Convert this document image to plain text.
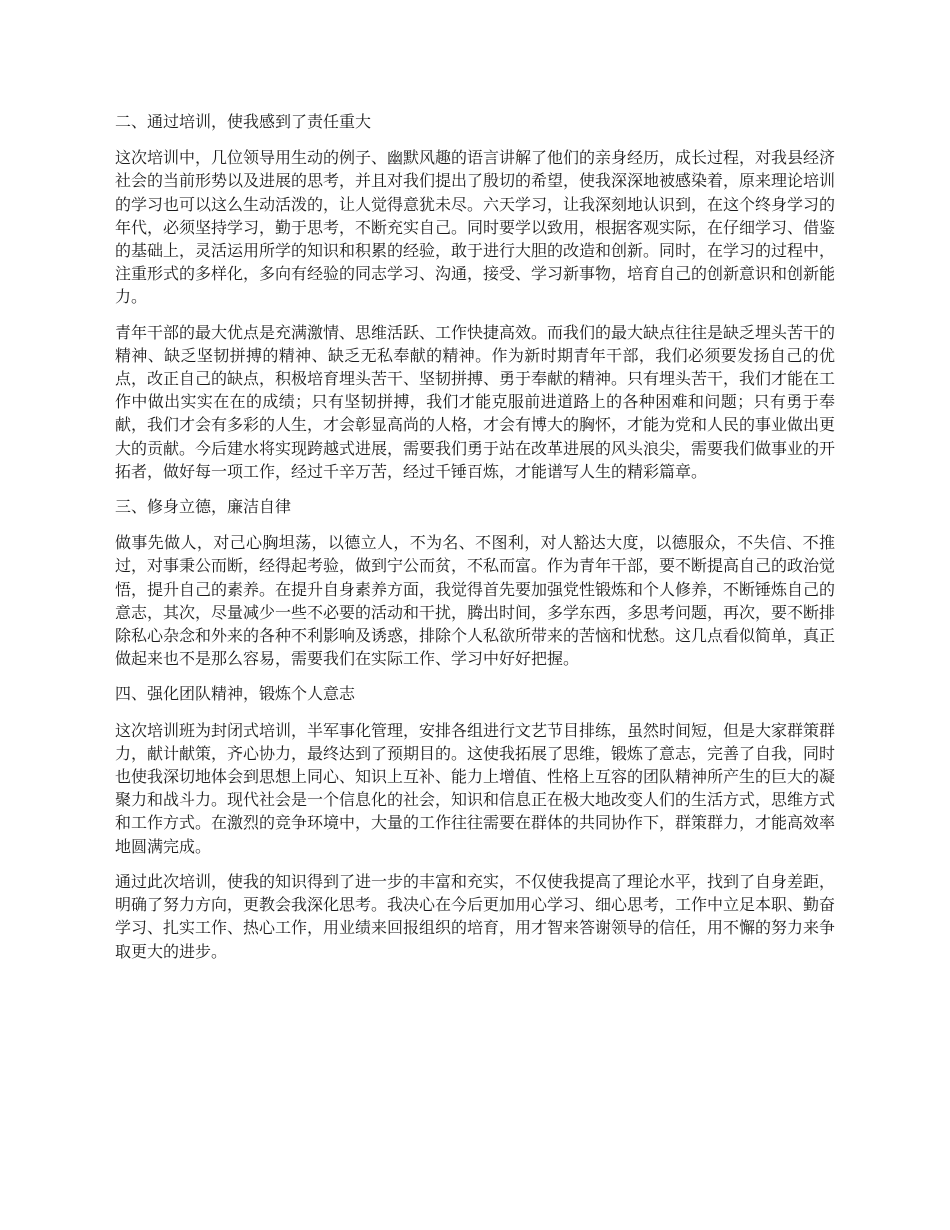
二、通过培训，使我感到了责任重大

这次培训中，几位领导用生动的例子、幽默风趣的语言讲解了他们的亲身经历，成长过程，对我县经济社会的当前形势以及进展的思考，并且对我们提出了殷切的希望，使我深深地被感染着，原来理论培训的学习也可以这么生动活泼的，让人觉得意犹未尽。六天学习，让我深刻地认识到，在这个终身学习的年代，必须坚持学习，勤于思考，不断充实自己。同时要学以致用，根据客观实际，在仔细学习、借鉴的基础上，灵活运用所学的知识和积累的经验，敢于进行大胆的改造和创新。同时，在学习的过程中，注重形式的多样化，多向有经验的同志学习、沟通，接受、学习新事物，培育自己的创新意识和创新能力。

青年干部的最大优点是充满激情、思维活跃、工作快捷高效。而我们的最大缺点往往是缺乏埋头苦干的精神、缺乏坚韧拼搏的精神、缺乏无私奉献的精神。作为新时期青年干部，我们必须要发扬自己的优点，改正自己的缺点，积极培育埋头苦干、坚韧拼搏、勇于奉献的精神。只有埋头苦干，我们才能在工作中做出实实在在的成绩；只有坚韧拼搏，我们才能克服前进道路上的各种困难和问题；只有勇于奉献，我们才会有多彩的人生，才会彰显高尚的人格，才会有博大的胸怀，才能为党和人民的事业做出更大的贡献。今后建水将实现跨越式进展，需要我们勇于站在改革进展的风头浪尖，需要我们做事业的开拓者，做好每一项工作，经过千辛万苦，经过千锤百炼，才能谱写人生的精彩篇章。

三、修身立德，廉洁自律

做事先做人，对己心胸坦荡，以德立人，不为名、不图利，对人豁达大度，以德服众，不失信、不推过，对事秉公而断，经得起考验，做到宁公而贫，不私而富。作为青年干部，要不断提高自己的政治觉悟，提升自己的素养。在提升自身素养方面，我觉得首先要加强党性锻炼和个人修养，不断锤炼自己的意志，其次，尽量减少一些不必要的活动和干扰，腾出时间，多学东西，多思考问题，再次，要不断排除私心杂念和外来的各种不利影响及诱惑，排除个人私欲所带来的苦恼和忧愁。这几点看似简单，真正做起来也不是那么容易，需要我们在实际工作、学习中好好把握。

四、强化团队精神，锻炼个人意志

这次培训班为封闭式培训，半军事化管理，安排各组进行文艺节目排练，虽然时间短，但是大家群策群力，献计献策，齐心协力，最终达到了预期目的。这使我拓展了思维，锻炼了意志，完善了自我，同时也使我深切地体会到思想上同心、知识上互补、能力上增值、性格上互容的团队精神所产生的巨大的凝聚力和战斗力。现代社会是一个信息化的社会，知识和信息正在极大地改变人们的生活方式，思维方式和工作方式。在激烈的竞争环境中，大量的工作往往需要在群体的共同协作下，群策群力，才能高效率地圆满完成。

通过此次培训，使我的知识得到了进一步的丰富和充实，不仅使我提高了理论水平，找到了自身差距，明确了努力方向，更教会我深化思考。我决心在今后更加用心学习、细心思考，工作中立足本职、勤奋学习、扎实工作、热心工作，用业绩来回报组织的培育，用才智来答谢领导的信任，用不懈的努力来争取更大的进步。
